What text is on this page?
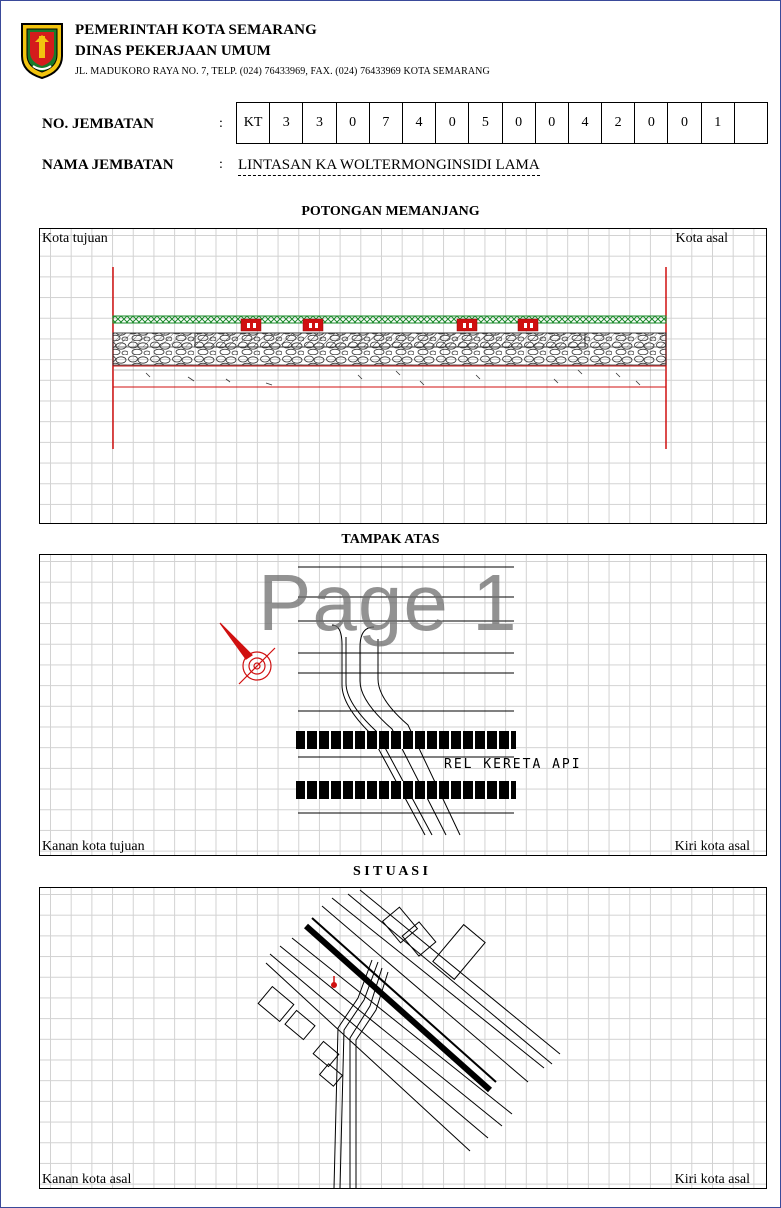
PEMERINTAH KOTA SEMARANG
DINAS PEKERJAAN UMUM
JL. MADUKORO RAYA NO. 7, TELP. (024) 76433969, FAX. (024) 76433969 KOTA SEMARANG
NO. JEMBATAN	:	KT	3	3	0	7	4	0	5	0	0	4	2	0	0	1
NAMA JEMBATAN	: LINTASAN KA WOLTERMONGINSIDI LAMA
POTONGAN MEMANJANG
Kota tujuan	Kota asal
TAMPAK ATAS
Page 1
REL KERETA API
Kanan kota tujuan	Kiri kota asal
S I T U A S I
Kanan kota asal	Kiri kota asal
